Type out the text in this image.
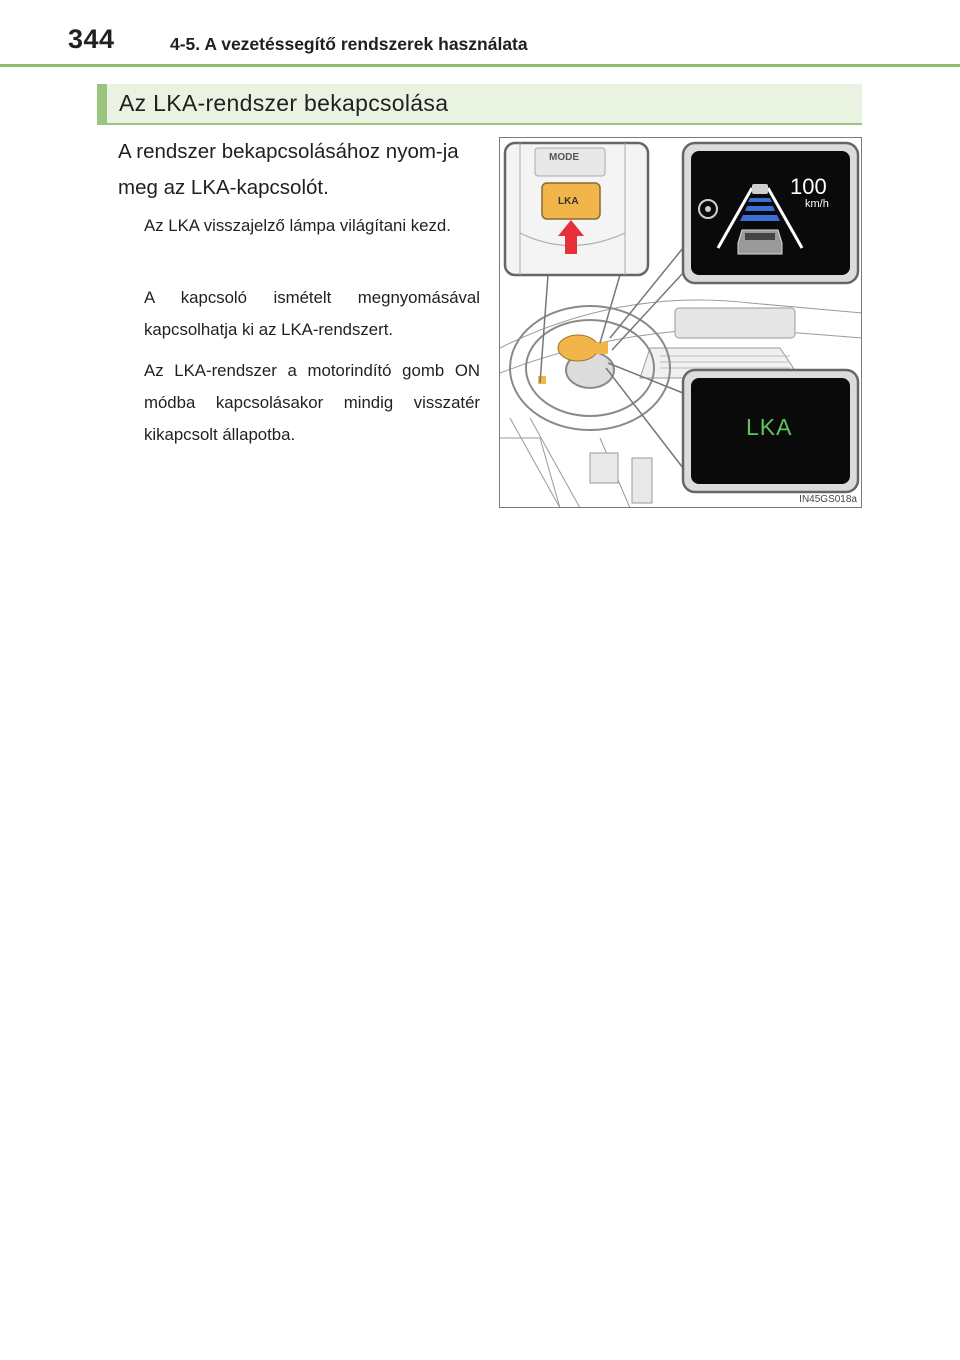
344	4-5. A vezetéssegítő rendszerek használata
Az LKA-rendszer bekapcsolása

A rendszer bekapcsolásához nyom-ja meg az LKA-kapcsolót.

Az LKA visszajelző lámpa világítani kezd.

A kapcsoló ismételt megnyomásával kapcsolhatja ki az LKA-rendszert.

Az LKA-rendszer a motorindító gomb ON módba kapcsolásakor mindig visszatér kikapcsolt állapotba.

MODE
LKA
100
km/h
LKA
IN45GS018a
